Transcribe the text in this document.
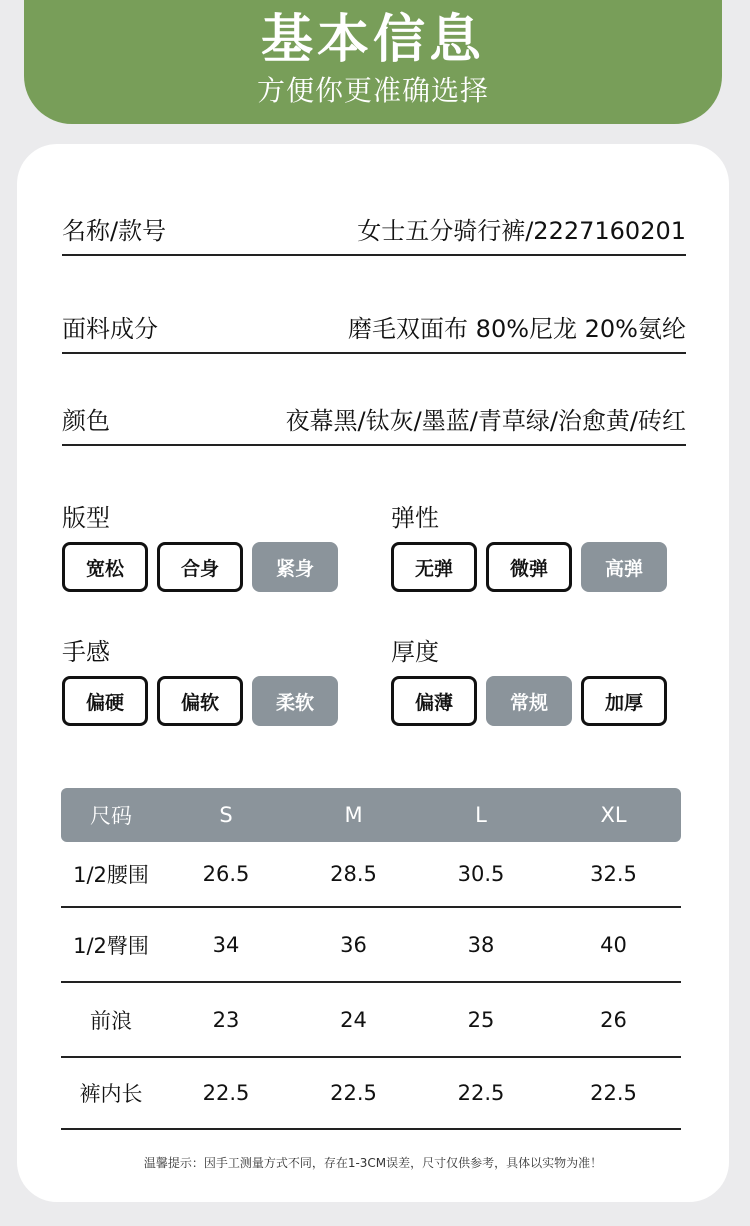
基本信息
方便你更准确选择
名称/款号	女士五分骑行裤/2227160201
面料成分	磨毛双面布 80%尼龙 20%氨纶
颜色	夜幕黑/钛灰/墨蓝/青草绿/治愈黄/砖红
版型
宽松	合身	紧身
弹性
无弹	微弹	高弹
手感
偏硬	偏软	柔软
厚度
偏薄	常规	加厚
尺码	S	M	L	XL
1/2腰围	26.5	28.5	30.5	32.5
1/2臀围	34	36	38	40
前浪	23	24	25	26
裤内长	22.5	22.5	22.5	22.5
温馨提示：因手工测量方式不同，存在1-3CM误差，尺寸仅供参考，具体以实物为准！
